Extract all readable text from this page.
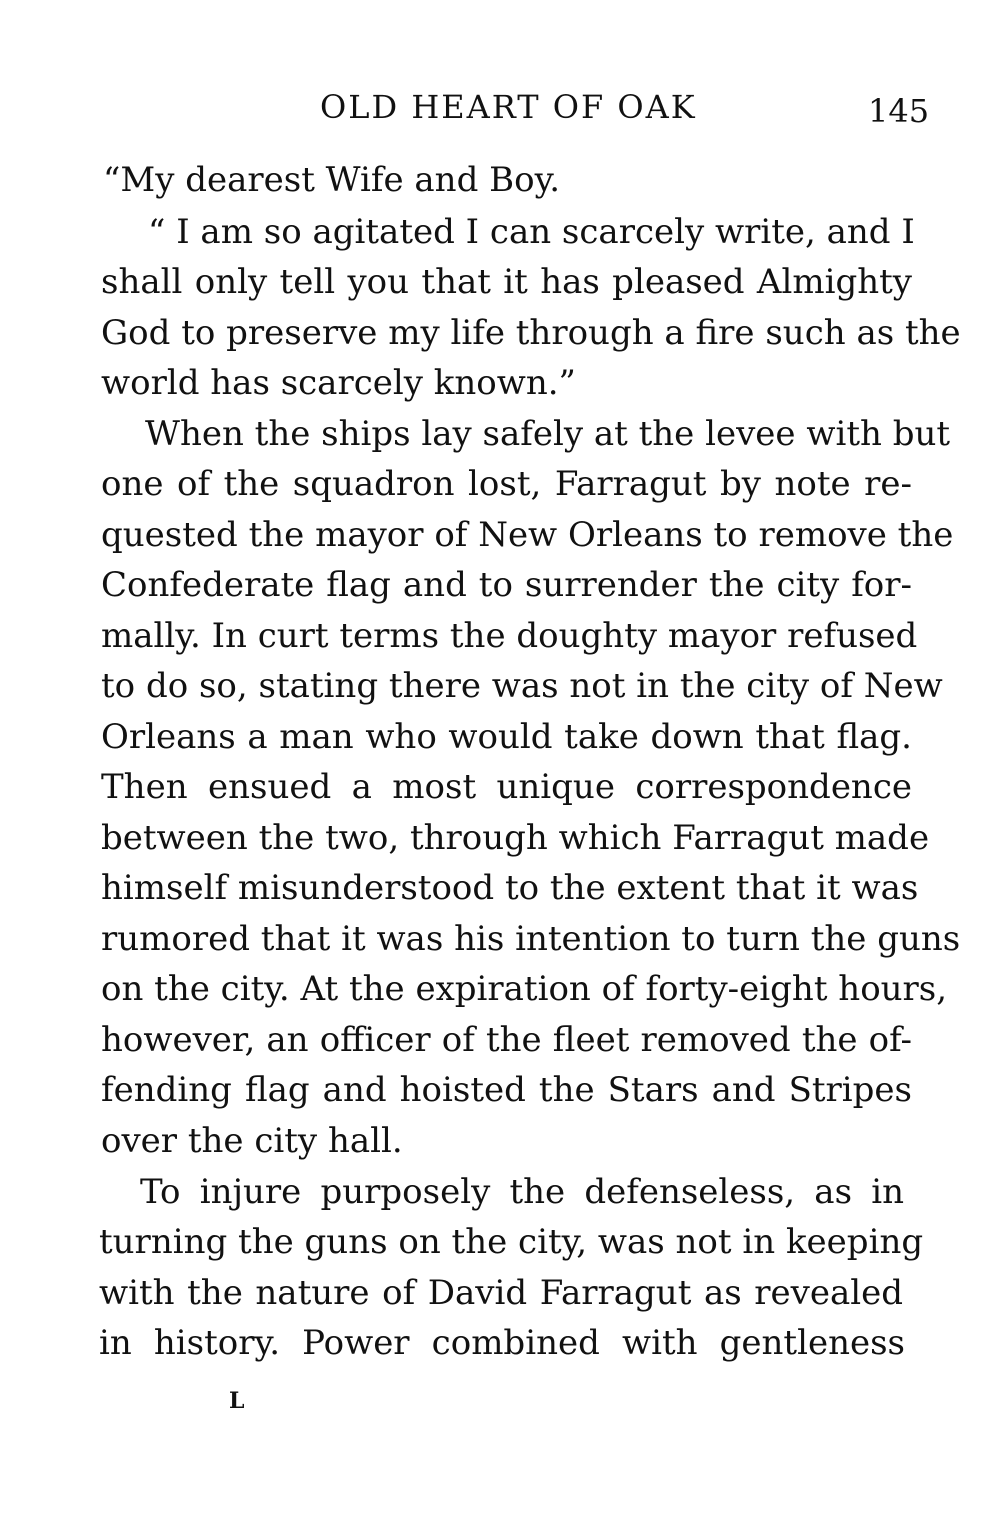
OLD HEART OF OAK	145
“My dearest Wife and Boy.
“ I am so agitated I can scarcely write, and I
shall only tell you that it has pleased Almighty
God to preserve my life through a fire such as the
world has scarcely known.”
When the ships lay safely at the levee with but
one of the squadron lost, Farragut by note re-
quested the mayor of New Orleans to remove the
Confederate flag and to surrender the city for-
mally. In curt terms the doughty mayor refused
to do so, stating there was not in the city of New
Orleans a man who would take down that flag.
Then ensued a most unique correspondence
between the two, through which Farragut made
himself misunderstood to the extent that it was
rumored that it was his intention to turn the guns
on the city. At the expiration of forty-eight hours,
however, an officer of the fleet removed the of-
fending flag and hoisted the Stars and Stripes
over the city hall.
To injure purposely the defenseless, as in
turning the guns on the city, was not in keeping
with the nature of David Farragut as revealed
in history. Power combined with gentleness
L
